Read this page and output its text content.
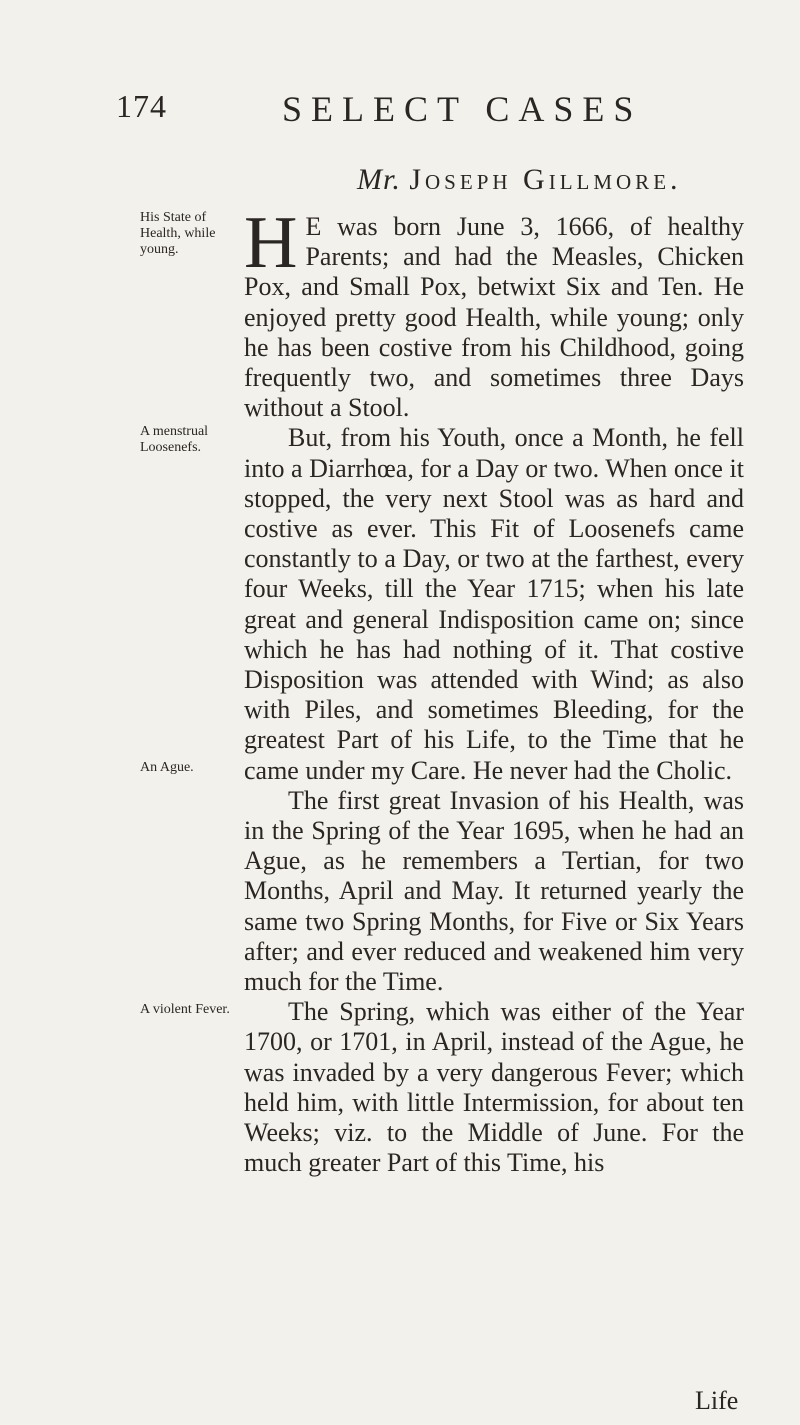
174	SELECT CASES
Mr. Joseph Gillmore.
His State of Health, while young.
A menstrual Loosenefs.
An Ague.
A violent Fever.

H E was born June 3, 1666, of healthy Parents; and had the Measles, Chicken Pox, and Small Pox, betwixt Six and Ten. He enjoyed pretty good Health, while young; only he has been costive from his Childhood, going frequently two, and sometimes three Days without a Stool.

But, from his Youth, once a Month, he fell into a Diarrhœa, for a Day or two. When once it stopped, the very next Stool was as hard and costive as ever. This Fit of Loosenefs came constantly to a Day, or two at the farthest, every four Weeks, till the Year 1715; when his late great and general Indisposition came on; since which he has had nothing of it. That costive Disposition was attended with Wind; as also with Piles, and sometimes Bleeding, for the greatest Part of his Life, to the Time that he came under my Care. He never had the Cholic.

The first great Invasion of his Health, was in the Spring of the Year 1695, when he had an Ague, as he remembers a Tertian, for two Months, April and May. It returned yearly the same two Spring Months, for Five or Six Years after; and ever reduced and weakened him very much for the Time.

The Spring, which was either of the Year 1700, or 1701, in April, instead of the Ague, he was invaded by a very dangerous Fever; which held him, with little Intermission, for about ten Weeks; viz. to the Middle of June. For the much greater Part of this Time, his

Life
